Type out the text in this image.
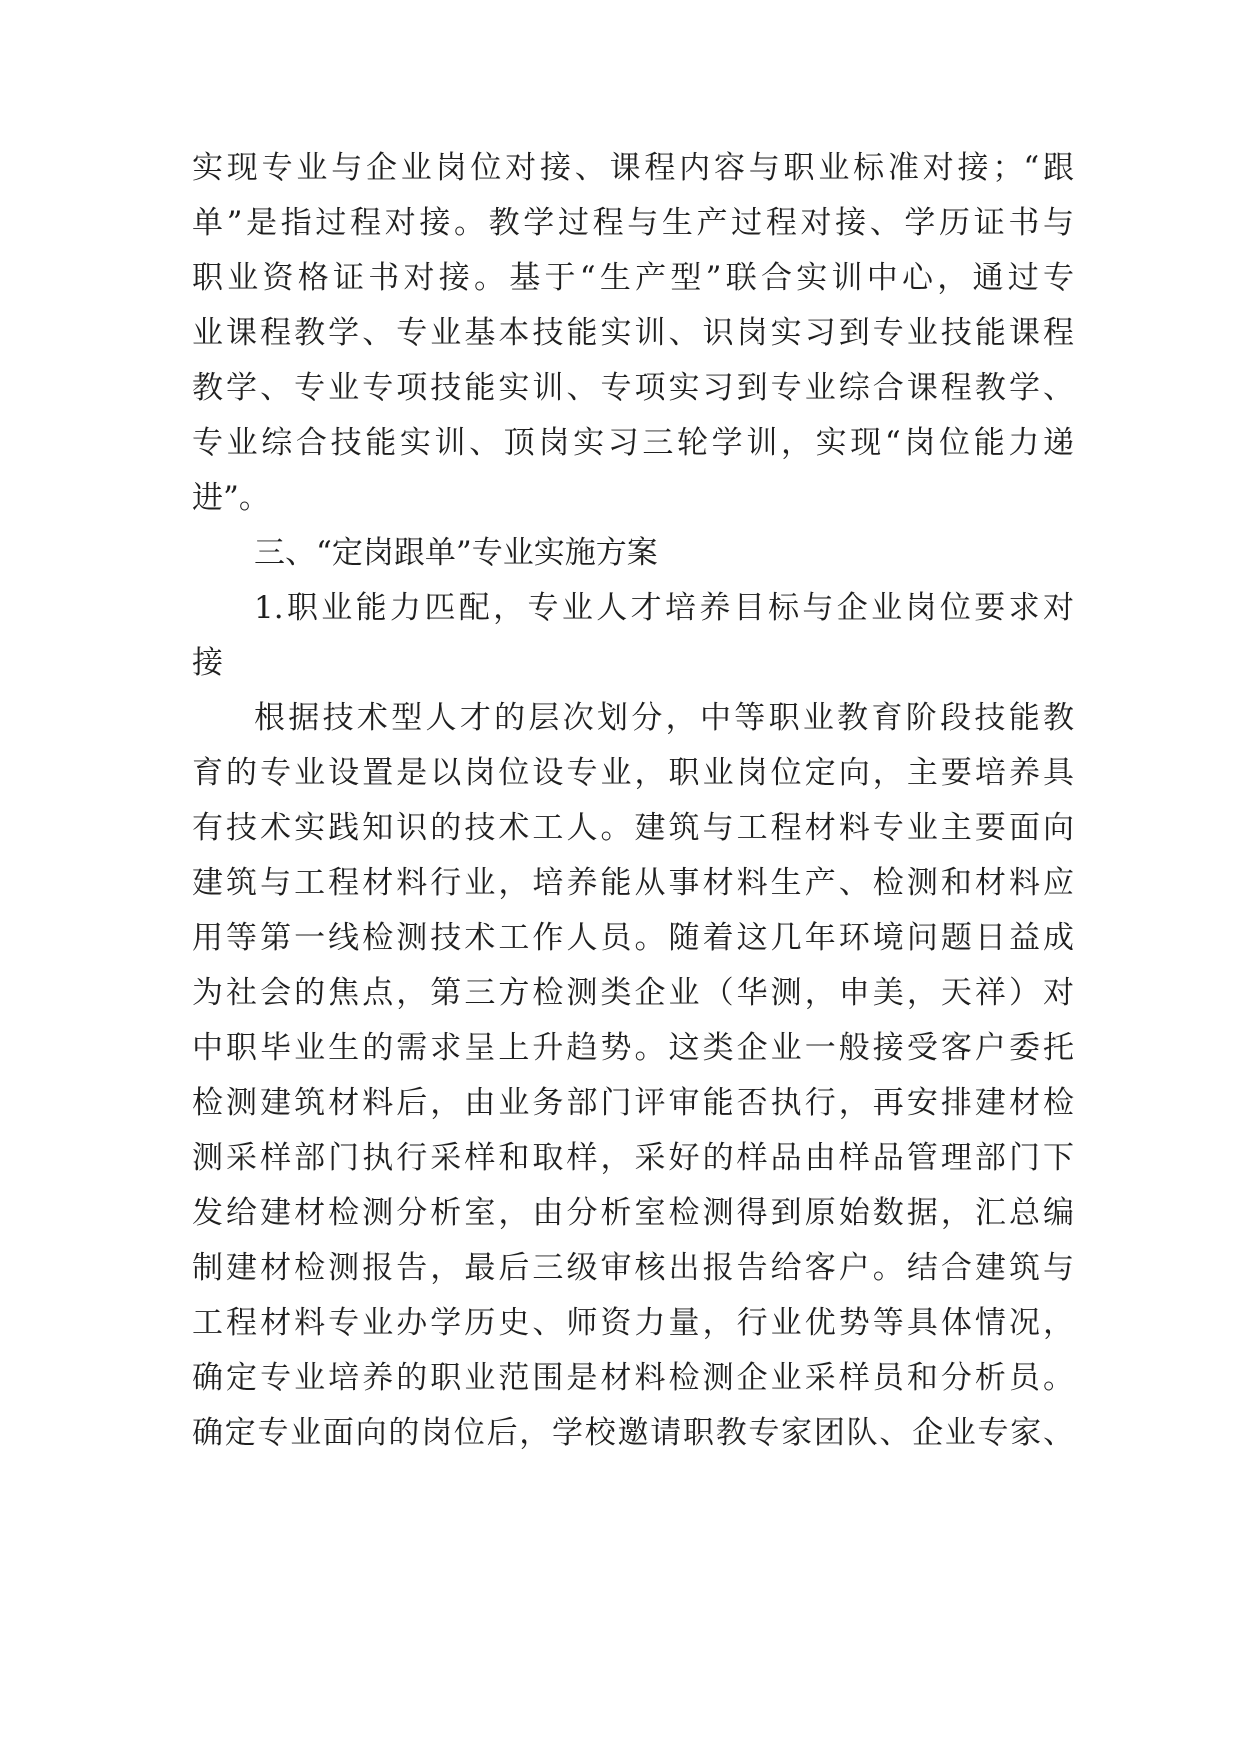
实现专业与企业岗位对接、课程内容与职业标准对接；“跟
单”是指过程对接。教学过程与生产过程对接、学历证书与
职业资格证书对接。基于“生产型”联合实训中心，通过专
业课程教学、专业基本技能实训、识岗实习到专业技能课程
教学、专业专项技能实训、专项实习到专业综合课程教学、
专业综合技能实训、顶岗实习三轮学训，实现“岗位能力递
进”。
三、“定岗跟单”专业实施方案
1.职业能力匹配，专业人才培养目标与企业岗位要求对
接
根据技术型人才的层次划分，中等职业教育阶段技能教
育的专业设置是以岗位设专业，职业岗位定向，主要培养具
有技术实践知识的技术工人。建筑与工程材料专业主要面向
建筑与工程材料行业，培养能从事材料生产、检测和材料应
用等第一线检测技术工作人员。随着这几年环境问题日益成
为社会的焦点，第三方检测类企业（华测，申美，天祥）对
中职毕业生的需求呈上升趋势。这类企业一般接受客户委托
检测建筑材料后，由业务部门评审能否执行，再安排建材检
测采样部门执行采样和取样，采好的样品由样品管理部门下
发给建材检测分析室，由分析室检测得到原始数据，汇总编
制建材检测报告，最后三级审核出报告给客户。结合建筑与
工程材料专业办学历史、师资力量，行业优势等具体情况，
确定专业培养的职业范围是材料检测企业采样员和分析员。
确定专业面向的岗位后，学校邀请职教专家团队、企业专家、
